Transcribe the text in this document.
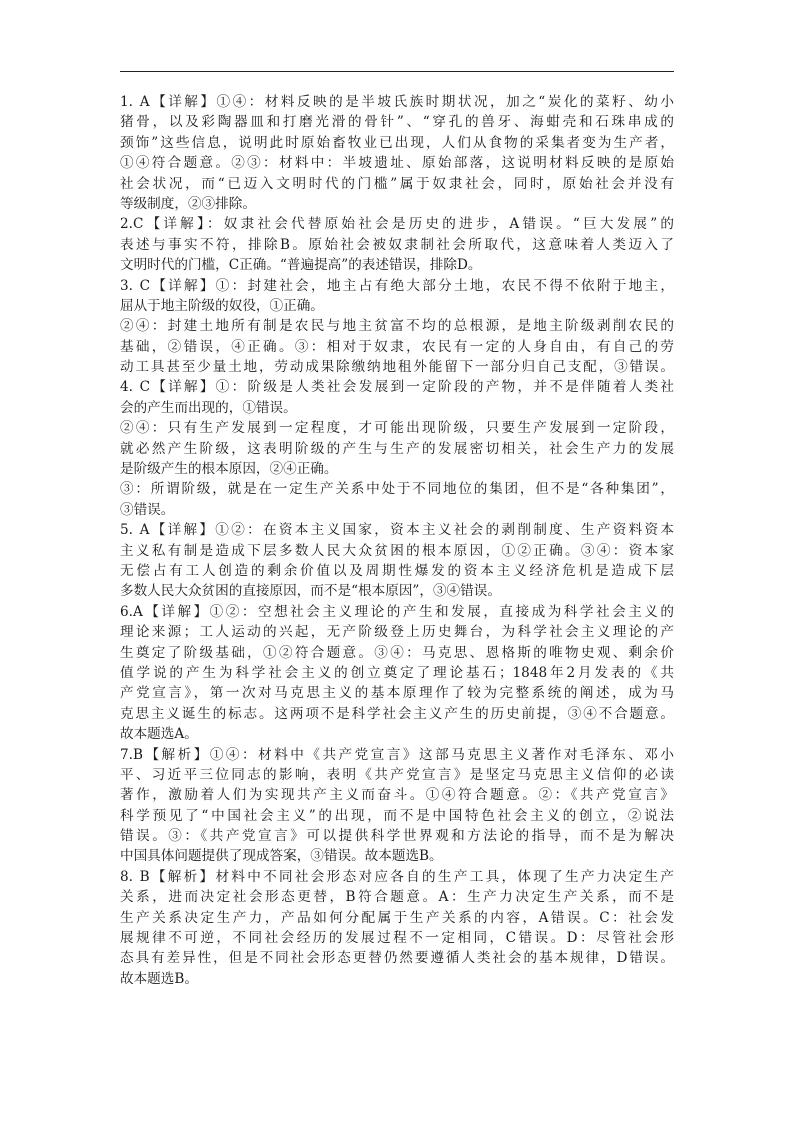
1. A【详解】①④：材料反映的是半坡氏族时期状况，加之“炭化的菜籽、幼小
猪骨，以及彩陶器皿和打磨光滑的骨针”、“穿孔的兽牙、海蚶壳和石珠串成的
颈饰”这些信息，说明此时原始畜牧业已出现，人们从食物的采集者变为生产者，
①④符合题意。②③：材料中：半坡遗址、原始部落，这说明材料反映的是原始
社会状况，而“已迈入文明时代的门槛”属于奴隶社会，同时，原始社会并没有
等级制度，②③排除。
2.C【详解】：奴隶社会代替原始社会是历史的进步，A错误。“巨大发展”的
表述与事实不符，排除B。原始社会被奴隶制社会所取代，这意味着人类迈入了
文明时代的门槛，C正确。“普遍提高”的表述错误，排除D。
3. C【详解】①：封建社会，地主占有绝大部分土地，农民不得不依附于地主，
屈从于地主阶级的奴役，①正确。
②④：封建土地所有制是农民与地主贫富不均的总根源，是地主阶级剥削农民的
基础，②错误，④正确。③：相对于奴隶，农民有一定的人身自由，有自己的劳
动工具甚至少量土地，劳动成果除缴纳地租外能留下一部分归自己支配，③错误。
4. C【详解】①：阶级是人类社会发展到一定阶段的产物，并不是伴随着人类社
会的产生而出现的，①错误。
②④：只有生产发展到一定程度，才可能出现阶级，只要生产发展到一定阶段，
就必然产生阶级，这表明阶级的产生与生产的发展密切相关，社会生产力的发展
是阶级产生的根本原因，②④正确。
③：所谓阶级，就是在一定生产关系中处于不同地位的集团，但不是“各种集团”，
③错误。
5. A【详解】①②：在资本主义国家，资本主义社会的剥削制度、生产资料资本
主义私有制是造成下层多数人民大众贫困的根本原因，①②正确。③④：资本家
无偿占有工人创造的剩余价值以及周期性爆发的资本主义经济危机是造成下层
多数人民大众贫困的直接原因，而不是“根本原因”，③④错误。
6.A【详解】①②：空想社会主义理论的产生和发展，直接成为科学社会主义的
理论来源；工人运动的兴起，无产阶级登上历史舞台，为科学社会主义理论的产
生奠定了阶级基础，①②符合题意。③④：马克思、恩格斯的唯物史观、剩余价
值学说的产生为科学社会主义的创立奠定了理论基石；1848年2月发表的《共
产党宣言》，第一次对马克思主义的基本原理作了较为完整系统的阐述，成为马
克思主义诞生的标志。这两项不是科学社会主义产生的历史前提，③④不合题意。
故本题选A。
7.B【解析】①④：材料中《共产党宣言》这部马克思主义著作对毛泽东、邓小
平、习近平三位同志的影响，表明《共产党宣言》是坚定马克思主义信仰的必读
著作，激励着人们为实现共产主义而奋斗。①④符合题意。②：《共产党宣言》
科学预见了“中国社会主义”的出现，而不是中国特色社会主义的创立，②说法
错误。③：《共产党宣言》可以提供科学世界观和方法论的指导，而不是为解决
中国具体问题提供了现成答案，③错误。故本题选B。
8. B【解析】材料中不同社会形态对应各自的生产工具，体现了生产力决定生产
关系，进而决定社会形态更替，B符合题意。A：生产力决定生产关系，而不是
生产关系决定生产力，产品如何分配属于生产关系的内容，A错误。C：社会发
展规律不可逆，不同社会经历的发展过程不一定相同，C错误。D：尽管社会形
态具有差异性，但是不同社会形态更替仍然要遵循人类社会的基本规律，D错误。
故本题选B。
